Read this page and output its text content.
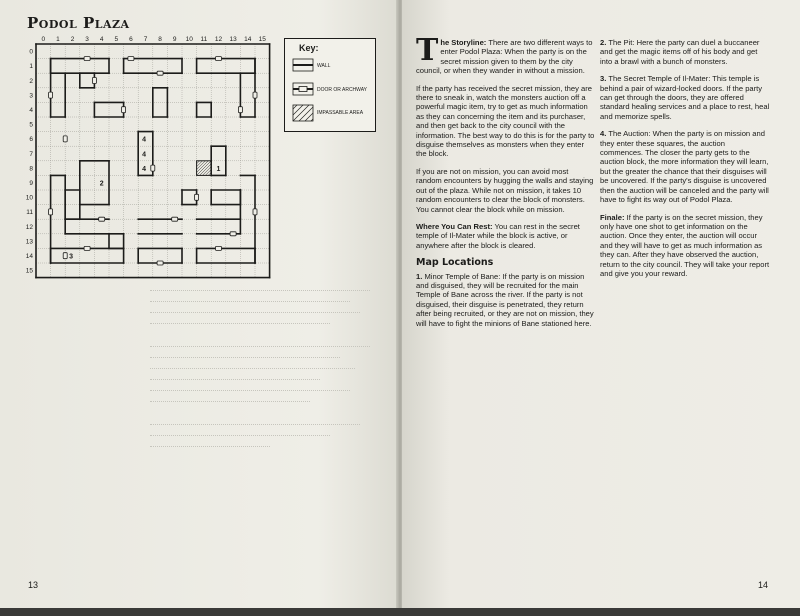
Podol Plaza
0 1 2 3 4 5 6 7 8 9 10 11 12 13 14 15
0
1
2
3
4
5
6
7
8
9
10
11
12
13
14
15
1
2
3
4
4
4
Key:
WALL
DOOR OR ARCHWAY
IMPASSABLE AREA
13	14

T he Storyline: There are two different ways to enter Podol Plaza: When the party is on the secret mission given to them by the city council, or when they wander in without a mission.

If the party has received the secret mission, they are there to sneak in, watch the monsters auction off a powerful magic item, try to get as much information as they can concerning the item and its purchaser, and then get back to the city council with the information. The best way to do this is for the party to disguise themselves as monsters when they enter the block.

If you are not on mission, you can avoid most random encounters by hugging the walls and staying out of the plaza. While not on mission, it takes 10 random encounters to clear the block of monsters. You cannot clear the block while on mission.

Where You Can Rest: You can rest in the secret temple of Il-Mater while the block is active, or anywhere after the block is cleared.

Map Locations

1. Minor Temple of Bane: If the party is on mission and disguised, they will be recruited for the main Temple of Bane across the river. If the party is not disguised, their disguise is penetrated, they return after being recruited, or they are not on mission, they will have to fight the minions of Bane stationed here.

2. The Pit: Here the party can duel a buccaneer and get the magic items off of his body and get into a brawl with a bunch of monsters.

3. The Secret Temple of Il-Mater: This temple is behind a pair of wizard-locked doors. If the party can get through the doors, they are offered standard healing services and a place to rest, heal and memorize spells.

4. The Auction: When the party is on mission and they enter these squares, the auction commences. The closer the party gets to the auction block, the more information they will learn, but the greater the chance that their disguises will be uncovered. If the party's disguise is uncovered then the auction will be canceled and the party will have to fight its way out of Podol Plaza.

Finale: If the party is on the secret mission, they only have one shot to get information on the auction. Once they enter, the auction will occur and they will have to get as much information as they can. After they have observed the auction, return to the city council. They will take your report and give you your reward.
